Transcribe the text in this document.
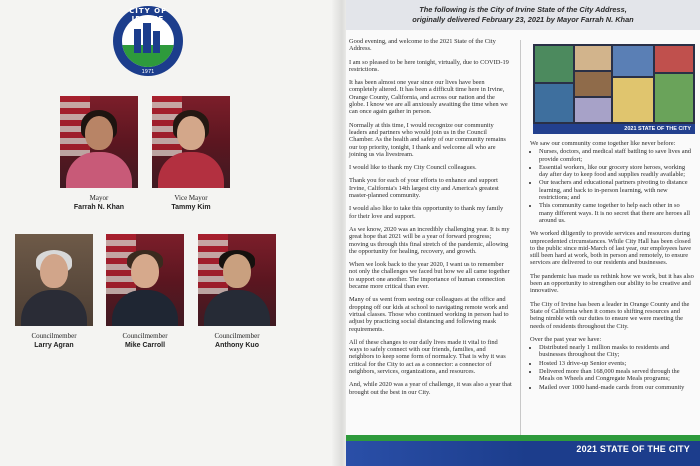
CITY OF IRVINE
1971
Mayor
Farrah N. Khan
Vice Mayor
Tammy Kim
Councilmember
Larry Agran
Councilmember
Mike Carroll
Councilmember
Anthony Kuo

The following is the City of Irvine State of the City Address,

originally delivered February 23, 2021 by Mayor Farrah N. Khan

Good evening, and welcome to the 2021 State of the City Address.

I am so pleased to be here tonight, virtually, due to COVID-19 restrictions.

It has been almost one year since our lives have been completely altered. It has been a difficult time here in Irvine, Orange County, California, and across our nation and the globe. I know we are all anxiously awaiting the time when we can once again gather in person.

Normally at this time, I would recognize our community leaders and partners who would join us in the Council Chamber. As the health and safety of our community remains our top priority, tonight, I thank and welcome all who are joining us via livestream.

I would like to thank my City Council colleagues.

Thank you for each of your efforts to enhance and support Irvine, California's 14th largest city and America's greatest master-planned community.

I would also like to take this opportunity to thank my family for their love and support.

As we know, 2020 was an incredibly challenging year. It is my great hope that 2021 will be a year of forward progress; moving us through this final stretch of the pandemic, allowing the opportunity for healing, recovery, and growth.

When we look back to the year 2020, I want us to remember not only the challenges we faced but how we all came together to support one another. The importance of human connection became more critical than ever.

Many of us went from seeing our colleagues at the office and dropping off our kids at school to navigating remote work and virtual classes. Those who continued working in person had to adjust by practicing social distancing and following mask requirements.

All of these changes to our daily lives made it vital to find ways to safely connect with our friends, families, and neighbors to keep some form of normalcy. That is why it was critical for the City to act as a connector: a connector of neighbors, services, organizations, and resources.

And, while 2020 was a year of challenge, it was also a year that brought out the best in our City.

2021 STATE OF THE CITY

We saw our community come together like never before:

• Nurses, doctors, and medical staff battling to save lives and provide comfort;
• Essential workers, like our grocery store heroes, working day after day to keep food and supplies readily available;
• Our teachers and educational partners pivoting to distance learning, and back to in-person learning, with new restrictions; and
• This community came together to help each other in so many different ways. It is no secret that there are heroes all around us.

We worked diligently to provide services and resources during unprecedented circumstances. While City Hall has been closed to the public since mid-March of last year, our employees have still been hard at work, both in person and remotely, to ensure services are delivered to our residents and businesses.

The pandemic has made us rethink how we work, but it has also been an opportunity to strengthen our ability to be creative and innovative.

The City of Irvine has been a leader in Orange County and the State of California when it comes to shifting resources and being nimble with our duties to ensure we were meeting the needs of residents throughout the City.

Over the past year we have:

• Distributed nearly 1 million masks to residents and businesses throughout the City;
• Hosted 13 drive-up Senior events;
• Delivered more than 168,000 meals served through the Meals on Wheels and Congregate Meals programs;
• Mailed over 1000 hand-made cards from our community
2021 STATE OF THE CITY
